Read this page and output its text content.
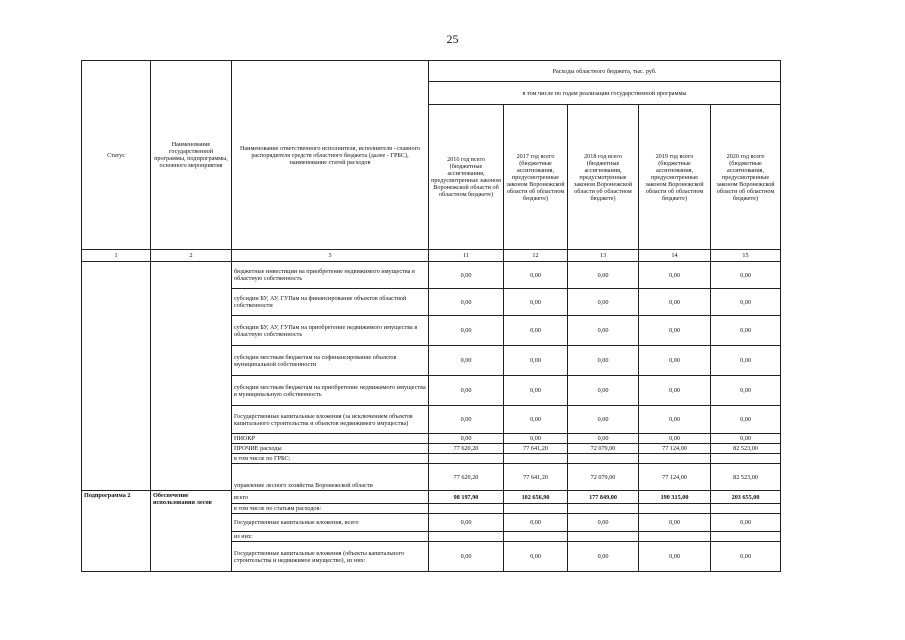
25
Статус	Наименование государственной программы, подпрограммы, основного мероприятия	Наименование ответственного исполнителя, исполнителя - главного распорядителя средств областного бюджета (далее - ГРБС), наименование статей расходов	Расходы областного бюджета, тыс. руб.				
			в том числе по годам реализации государственной программы				
			2016 год всего (бюджетные ассигнования, предусмотренные законом Воронежской области об областном бюджете)	2017 год всего (бюджетные ассигнования, предусмотренные законом Воронежской области об областном бюджете)	2018 год всего (бюджетные ассигнования, предусмотренные законом Воронежской области об областном бюджете)	2019 год всего (бюджетные ассигнования, предусмотренные законом Воронежской области об областном бюджете)	2020 год всего (бюджетные ассигнования, предусмотренные законом Воронежской области об областном бюджете)
1	2	3	11	12	13	14	15
		бюджетные инвестиции на приобретение недвижимого имущества в областную собственность	0,00	0,00	0,00	0,00	0,00
		субсидии БУ, АУ, ГУПам на финансирование объектов областной собственности	0,00	0,00	0,00	0,00	0,00
		субсидии БУ, АУ, ГУПам на приобретение недвижимого имущества в областную собственность	0,00	0,00	0,00	0,00	0,00
		субсидии местным бюджетам на софинансирование объектов муниципальной собственности	0,00	0,00	0,00	0,00	0,00
		субсидии местным бюджетам на приобретение недвижимого имущества в муниципальную собственность	0,00	0,00	0,00	0,00	0,00
		Государственные капитальные вложения (за исключением объектов капитального строительства и объектов недвижимого имущества)	0,00	0,00	0,00	0,00	0,00
		НИОКР	0,00	0,00	0,00	0,00	0,00
		ПРОЧИЕ расходы	77 620,20	77 641,20	72 079,00	77 124,00	82 523,00
		в том числе по ГРБС:					
		управление лесного хозяйства Воронежской области	77 620,20	77 641,20	72 079,00	77 124,00	82 523,00
Подпрограмма 2	Обеспечение использования лесов	всего	98 197,90	102 656,90	177 849,00	190 315,00	203 655,00
		в том числе по статьям расходов:					
		Государственные капитальные вложения, всего	0,00	0,00	0,00	0,00	0,00
		из них:					
		Государственные капитальные вложения (объекты капитального строительства и недвижимое имущество), из них:	0,00	0,00	0,00	0,00	0,00
